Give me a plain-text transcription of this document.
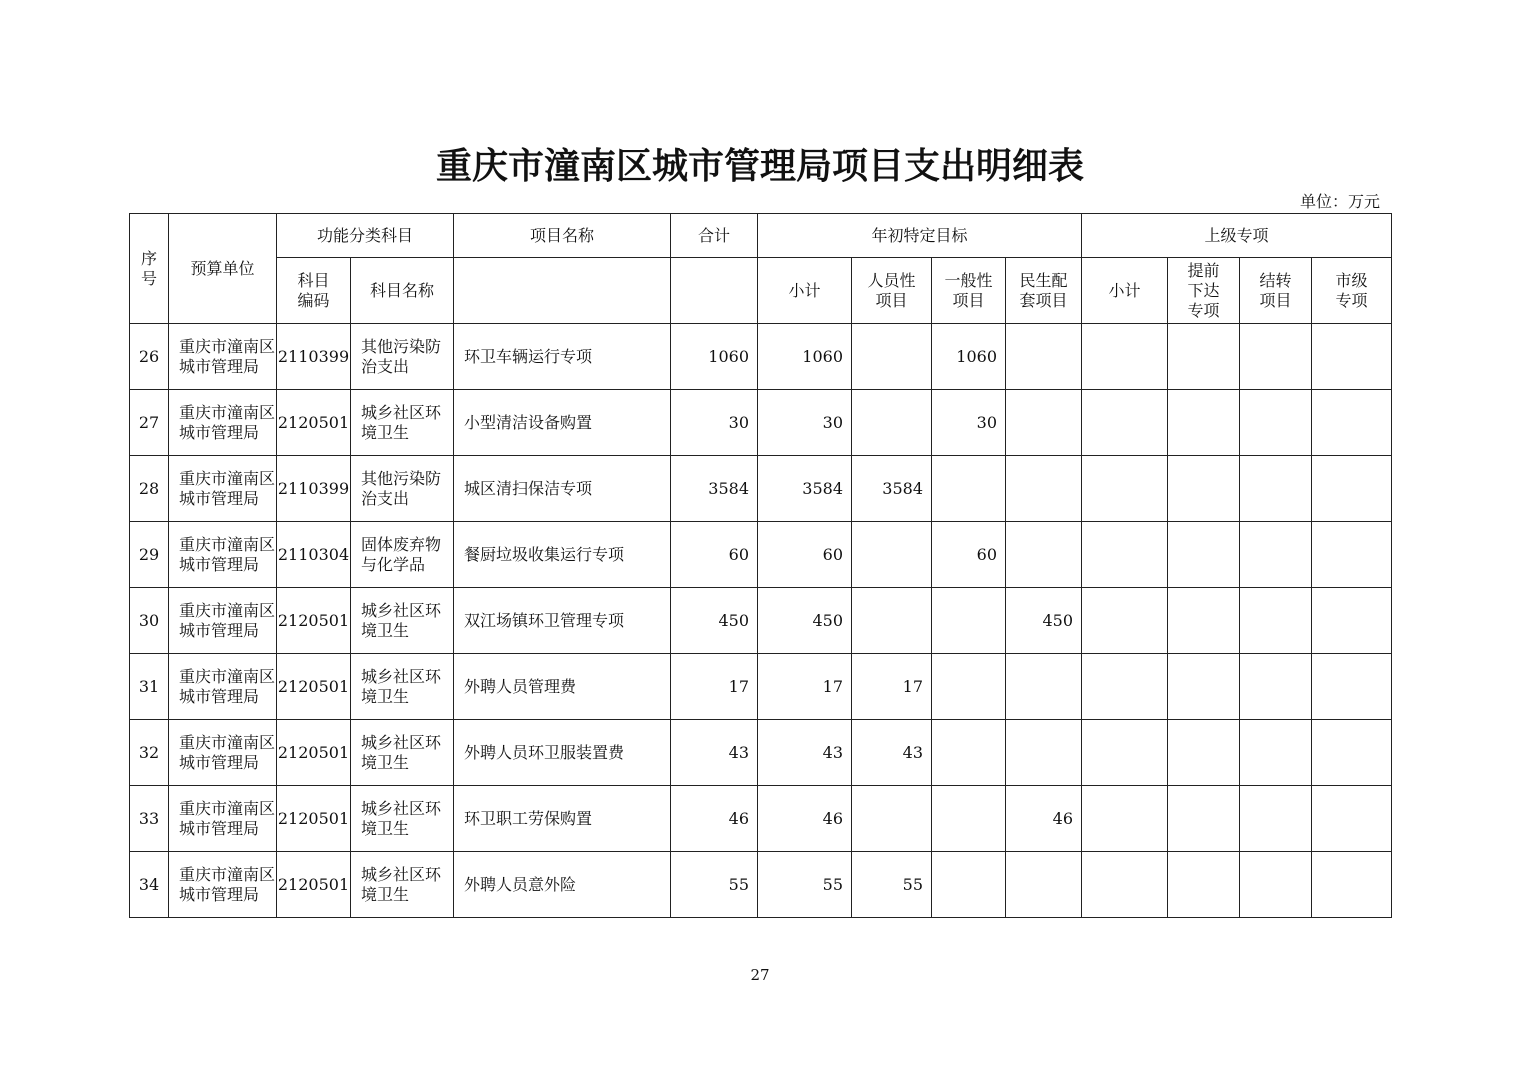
重庆市潼南区城市管理局项目支出明细表
单位：万元
序号	预算单位	功能分类科目		项目名称	合计	年初特定目标				上级专项			

		科目编码	科目名称			小计	人员性项目	一般性项目	民生配套项目	小计	提前下达专项	结转项目	市级专项

26	重庆市潼南区城市管理局	2110399	其他污染防治支出	环卫车辆运行专项	1060	1060		1060					
27	重庆市潼南区城市管理局	2120501	城乡社区环境卫生	小型清洁设备购置	30	30		30					
28	重庆市潼南区城市管理局	2110399	其他污染防治支出	城区清扫保洁专项	3584	3584	3584						
29	重庆市潼南区城市管理局	2110304	固体废弃物与化学品	餐厨垃圾收集运行专项	60	60		60					
30	重庆市潼南区城市管理局	2120501	城乡社区环境卫生	双江场镇环卫管理专项	450	450			450				
31	重庆市潼南区城市管理局	2120501	城乡社区环境卫生	外聘人员管理费	17	17	17						
32	重庆市潼南区城市管理局	2120501	城乡社区环境卫生	外聘人员环卫服装置费	43	43	43						
33	重庆市潼南区城市管理局	2120501	城乡社区环境卫生	环卫职工劳保购置	46	46			46				
34	重庆市潼南区城市管理局	2120501	城乡社区环境卫生	外聘人员意外险	55	55	55						
27
